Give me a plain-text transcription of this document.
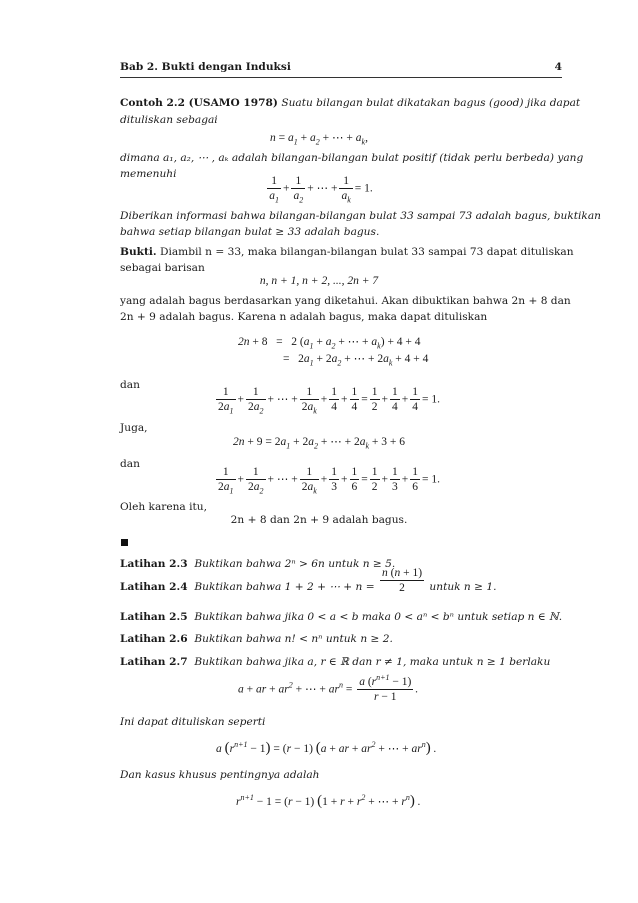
Bab 2. Bukti dengan Induksi	4
Contoh 2.2 (USAMO 1978) Suatu bilangan bulat dikatakan bagus (good) jika dapat
dituliskan sebagai
$n = a_1 + a_2$ + ⋯ + $a_k$,
dimana a₁, a₂, ⋯ , aₖ adalah bilangan-bilangan bulat positif (tidak perlu berbeda) yang
memenuhi	$\frac{1}{a_1} + \frac{1}{a_2}$ + ⋯ + $\frac{1}{a_k} = 1$.
Diberikan informasi bahwa bilangan-bilangan bulat 33 sampai 73 adalah bagus, buktikan
bahwa setiap bilangan bulat ≥ 33 adalah bagus.
Bukti. Diambil n = 33, maka bilangan-bilangan bulat 33 sampai 73 dapat dituliskan
sebagai barisan
n, n + 1, n + 2, ..., 2n + 7
yang adalah bagus berdasarkan yang diketahui. Akan dibuktikan bahwa 2n + 8 dan
2n + 9 adalah bagus. Karena n adalah bagus, maka dapat dituliskan
2n + 8   =   2 ($a_1 + a_2$ + ⋯ + $a_k) + 4 + 4$
=   $2a_1 + 2a_2$ + ⋯ + $2a_k + 4 + 4$
dan	$\frac{1}{2a_1} + \frac{1}{2a_2}$ + ⋯ + $\frac{1}{2a_k} + \frac{1}{4} + \frac{1}{4} = \frac{1}{2} + \frac{1}{4} + \frac{1}{4} = 1$.
Juga,
$2n + 9 = 2a_1 + 2a_2$ + ⋯ + $2a_k + 3 + 6$
dan
$\frac{1}{2a_1} + \frac{1}{2a_2}$ + ⋯ + $\frac{1}{2a_k} + \frac{1}{3} + \frac{1}{6} = \frac{1}{2} + \frac{1}{3} + \frac{1}{6} = 1$.
Oleh karena itu,
2n + 8 dan 2n + 9 adalah bagus.
Latihan 2.3 Buktikan bahwa 2ⁿ > 6n untuk n ≥ 5.
Latihan 2.4 Buktikan bahwa 1 + 2 + ⋯ + $n = \frac{n (n + 1)}{2}$ untuk n ≥ 1.
Latihan 2.5 Buktikan bahwa jika 0 < a < b maka 0 < aⁿ < bⁿ untuk setiap n ∈ ℕ.
Latihan 2.6 Buktikan bahwa n! < nⁿ untuk n ≥ 2.
Latihan 2.7 Buktikan bahwa jika a, r ∈ ℝ dan r ≠ 1, maka untuk n ≥ 1 berlaku
a + ar + $ar^2$ + ⋯ + $ar^n = \frac{a (r^{n+1} - 1)}{r - 1}$ .
Ini dapat dituliskan seperti
a $(r^{n+1} - 1) = (r - 1) (a$ + ar + $ar^2$ + ⋯ + $ar^n$) .
Dan kasus khusus pentingnya adalah
$r^{n+1} - 1 = (r - 1) (1 + r + r^2$ + ⋯ + $r^n$) .
